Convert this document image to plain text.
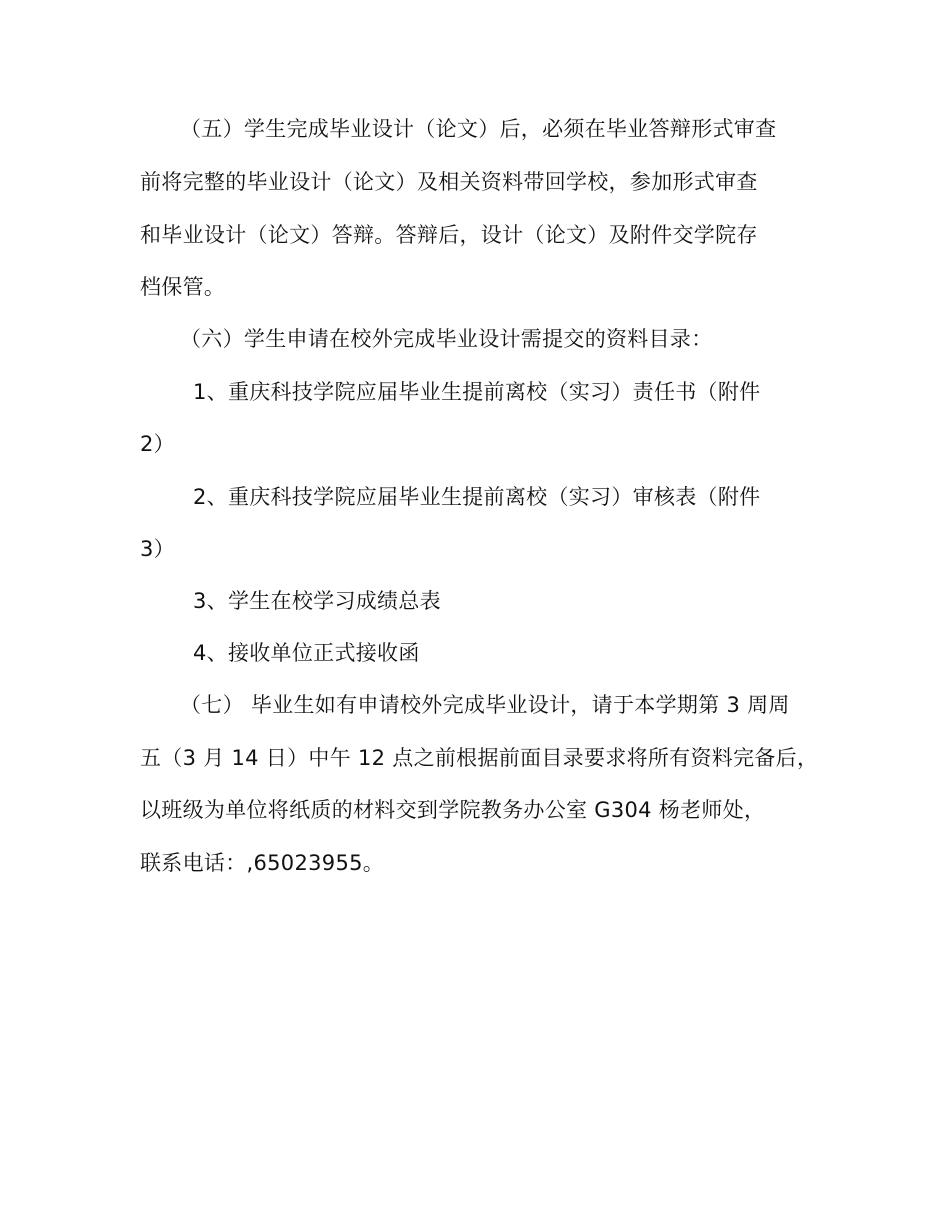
（五）学生完成毕业设计（论文）后，必须在毕业答辩形式审查
前将完整的毕业设计（论文）及相关资料带回学校，参加形式审查
和毕业设计（论文）答辩。答辩后，设计（论文）及附件交学院存
档保管。
（六）学生申请在校外完成毕业设计需提交的资料目录：
1、重庆科技学院应届毕业生提前离校（实习）责任书（附件
2）
2、重庆科技学院应届毕业生提前离校（实习）审核表（附件
3）
3、学生在校学习成绩总表
4、接收单位正式接收函
（七） 毕业生如有申请校外完成毕业设计，请于本学期第 3 周周
五（3 月 14 日）中午 12 点之前根据前面目录要求将所有资料完备后，
以班级为单位将纸质的材料交到学院教务办公室 G304 杨老师处，
联系电话：,65023955。
